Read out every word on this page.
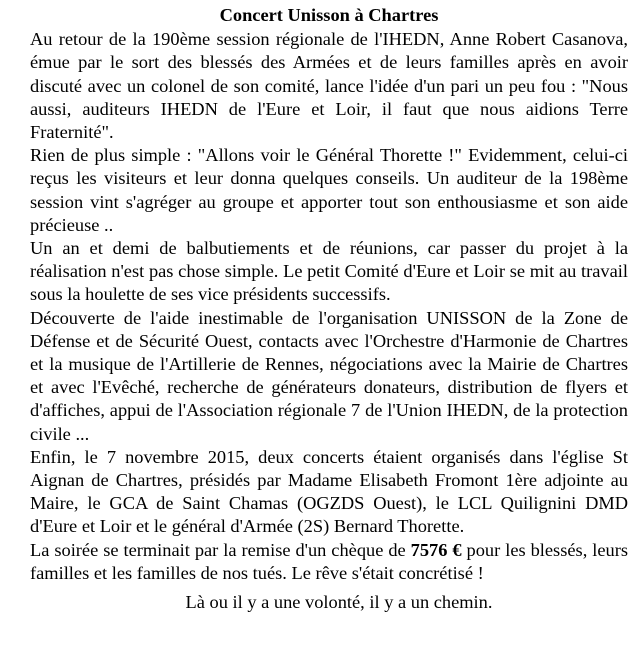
Concert Unisson à Chartres

Au retour de la 190ème session régionale de l'IHEDN, Anne Robert Casanova, émue par le sort des blessés des Armées et de leurs familles après en avoir discuté avec un colonel de son comité, lance l'idée d'un pari un peu fou : "Nous aussi, auditeurs IHEDN de l'Eure et Loir, il faut que nous aidions Terre Fraternité".

Rien de plus simple : "Allons voir le Général Thorette !" Evidemment, celui-ci reçus les visiteurs et leur donna quelques conseils. Un auditeur de la 198ème session vint s'agréger au groupe et apporter tout son enthousiasme et son aide précieuse ..

Un an et demi de balbutiements et de réunions, car passer du projet à la réalisation n'est pas chose simple. Le petit Comité d'Eure et Loir se mit au travail sous la houlette de ses vice présidents successifs.

Découverte de l'aide inestimable de l'organisation UNISSON de la Zone de Défense et de Sécurité Ouest, contacts avec l'Orchestre d'Harmonie de Chartres et la musique de l'Artillerie de Rennes, négociations avec la Mairie de Chartres et avec l'Evêché, recherche de générateurs donateurs, distribution de flyers et d'affiches, appui de l'Association régionale 7 de l'Union IHEDN, de la protection civile ...

Enfin, le 7 novembre 2015, deux concerts étaient organisés dans l'église St Aignan de Chartres, présidés par Madame Elisabeth Fromont 1ère adjointe au Maire, le GCA de Saint Chamas (OGZDS Ouest), le LCL Quilignini DMD d'Eure et Loir et le général d'Armée (2S) Bernard Thorette.

La soirée se terminait par la remise d'un chèque de 7576 € pour les blessés, leurs familles et les familles de nos tués. Le rêve s'était concrétisé !

Là ou il y a une volonté, il y a un chemin.
